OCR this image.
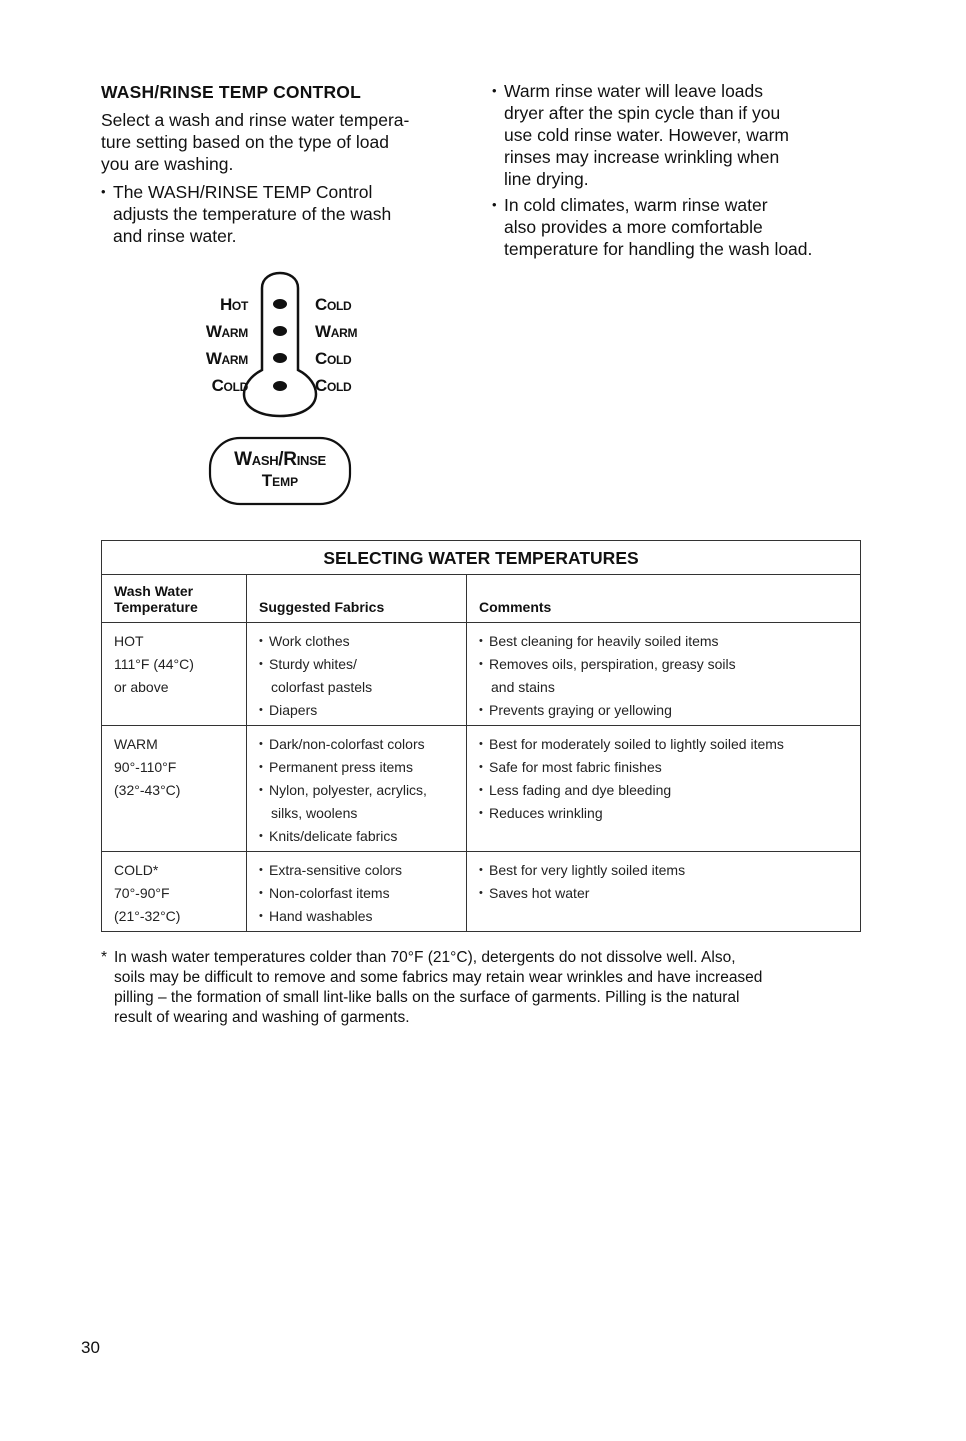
WASH/RINSE TEMP CONTROL
Select a wash and rinse water tempera-
ture setting based on the type of load
you are washing.
• The WASH/RINSE TEMP Control
adjusts the temperature of the wash
and rinse water.
• Warm rinse water will leave loads
dryer after the spin cycle than if you
use cold rinse water. However, warm
rinses may increase wrinkling when
line drying.
• In cold climates, warm rinse water
also provides a more comfortable
temperature for handling the wash load.
Hot
Warm
Warm
Cold
Cold
Warm
Cold
Cold
Wash/Rinse
Temp
SELECTING WATER TEMPERATURES		

Wash Water
Temperature	Suggested Fabrics	Comments

HOT
111°F (44°C)
or above	• Work clothes
• Sturdy whites/
colorfast pastels
• Diapers	• Best cleaning for heavily soiled items
• Removes oils, perspiration, greasy soils
and stains
• Prevents graying or yellowing

WARM
90°-110°F
(32°-43°C)	• Dark/non-colorfast colors
• Permanent press items
• Nylon, polyester, acrylics,
silks, woolens
• Knits/delicate fabrics	• Best for moderately soiled to lightly soiled items
• Safe for most fabric finishes
• Less fading and dye bleeding
• Reduces wrinkling

COLD*
70°-90°F
(21°-32°C)	• Extra-sensitive colors
• Non-colorfast items
• Hand washables	• Best for very lightly soiled items
• Saves hot water
* In wash water temperatures colder than 70°F (21°C), detergents do not dissolve well. Also,
soils may be difficult to remove and some fabrics may retain wear wrinkles and have increased
pilling – the formation of small lint-like balls on the surface of garments. Pilling is the natural
result of wearing and washing of garments.
30
